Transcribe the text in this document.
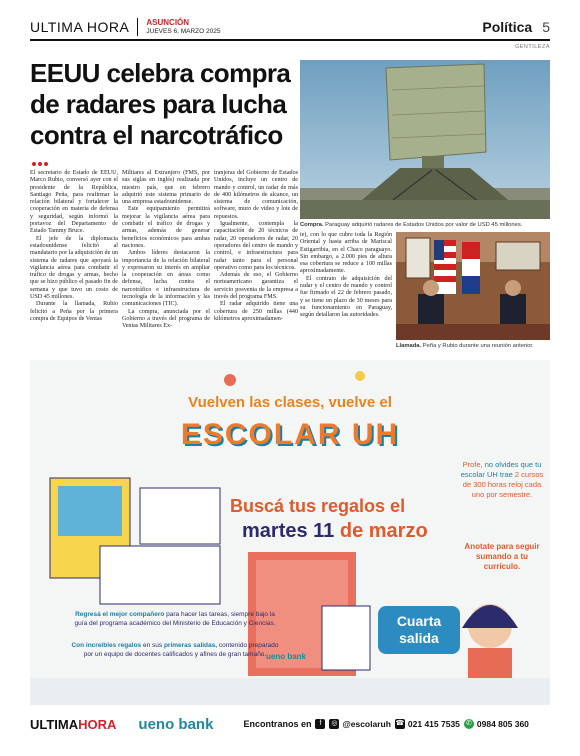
ULTIMA HORA ASUNCIÓN
JUEVES 6, MARZO 2025	Política 5
GENTILEZA
EEUU celebra compra de radares para lucha contra el narcotráfico

El secretario de Estado de EEUU, Marco Rubio, conversó ayer con el presidente de la República, Santiago Peña, para reafirmar la relación bilateral y fortalecer la cooperación en materia de defensa y seguridad, según informó la portavoz del Departamento de Estado Tammy Bruce.

El jefe de la diplomacia estadounidense felicitó al mandatario por la adquisición de un sistema de radares que apoyará la vigilancia aérea para combatir el tráfico de drogas y armas, hecho que se hizo público el pasado fin de semana y que tuvo un costo de USD 45 millones.

Durante la llamada, Rubio felicitó a Peña por la primera compra de Equipos de Ventas

Militares al Extranjero (FMS, por sus siglas en inglés) realizada por nuestro país, que en febrero adquirió este sistema primario de una empresa estadounidense.

Este equipamiento permitirá mejorar la vigilancia aérea para combatir el tráfico de drogas y armas, además de generar beneficios económicos para ambas naciones.

Ambos líderes destacaron la importancia de la relación bilateral y expresaron su interés en ampliar la cooperación en áreas como defensa, lucha contra el narcotráfico e infraestructura de tecnología de la información y las comunicaciones (TIC).

La compra, anunciada por el Gobierno a través del programa de Ventas Militares Ex-

tranjeras del Gobierno de Estados Unidos, incluye un centro de mando y control, un radar de más de 400 kilómetros de alcance, un sistema de comunicación, software, muro de video y lote de repuestos.

Igualmente, contempla la capacitación de 20 técnicos de radar, 20 operadores de radar, 20 operadores del centro de mando y control, e infraestructura para radar tanto para el personal operativo como para los técnicos.

Además de eso, el Gobierno norteamericano garantiza el servicio posventa de la empresa a través del programa FMS.

El radar adquirido tiene una cobertura de 250 millas (440 kilómetros aproximadamen-

Compra. Paraguay adquirió radares de Estados Unidos por valor de USD 45 millones.

te), con lo que cubre toda la Región Oriental y hasta arriba de Mariscal Estigarribia, en el Chaco paraguayo. Sin embargo, a 2.000 pies de altura esa cobertura se reduce a 100 millas aproximadamente.

El contrato de adquisición del radar y el centro de mando y control fue firmado el 22 de febrero pasado, y se tiene un plazo de 30 meses para su funcionamiento en Paraguay, según detallaron las autoridades.

Llamada. Peña y Rubio durante una reunión anterior.
Vuelven las clases, vuelve el
ESCOLAR UH
Buscá tus regalos el
martes 11 de marzo
Profe, no olvides que tu escolar UH trae 2 cursos de 300 horas reloj cada uno por semestre.
Anotate para seguir sumando a tu currículo.
Cuarta salida
Regresá el mejor compañero para hacer las tareas, siempre bajo la guía del programa académico del Ministerio de Educación y Ciencias.
Con increíbles regalos en sus primeras salidas, contenido preparado por un equipo de docentes calificados y afines de gran tamaño. ueno bank
ULTIMAHORA ueno bank	Encontranos en	f	◎ @escolaruh ☎ 021 415 7535 ✆ 0984 805 360
